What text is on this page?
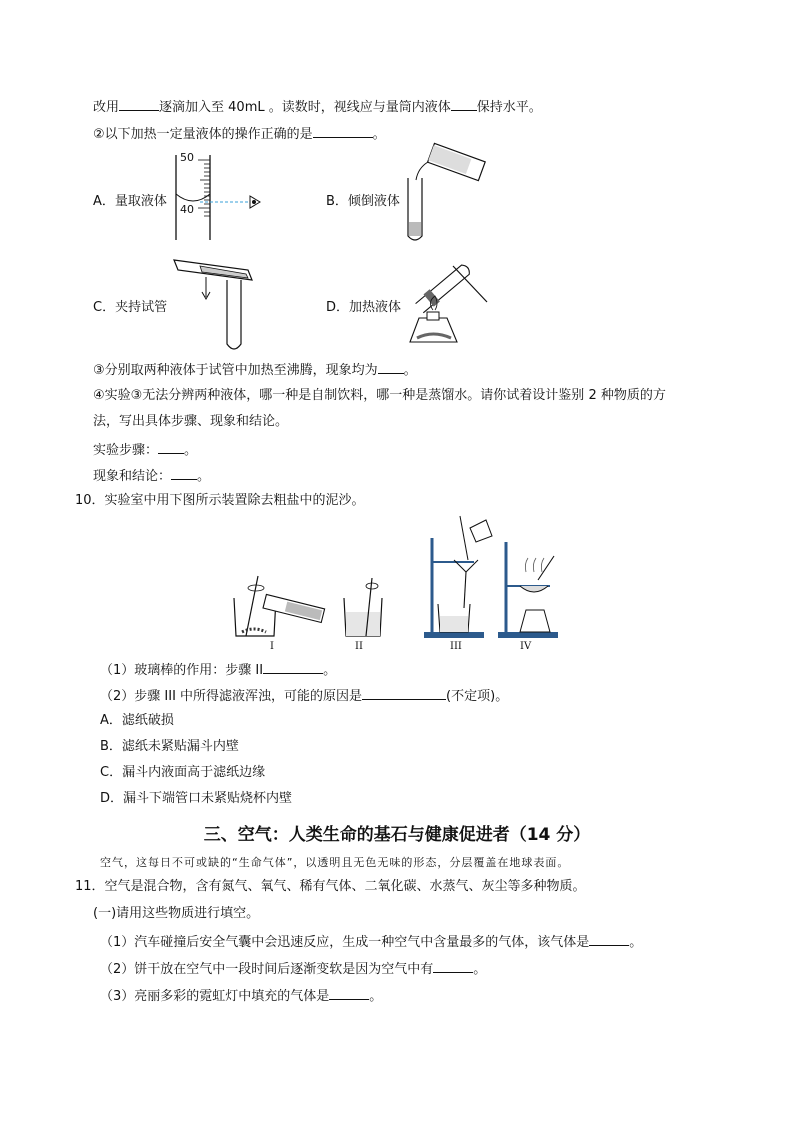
改用	逐滴加入至 40mL 。读数时，视线应与量筒内液体 保持水平。
②以下加热一定量液体的操作正确的是	。
A．量取液体	B．倾倒液体
C．夹持试管	D．加热液体
50
40
③分别取两种液体于试管中加热至沸腾，现象均为 。
④实验③无法分辨两种液体，哪一种是自制饮料，哪一种是蒸馏水。请你试着设计鉴别 2 种物质的方
法，写出具体步骤、现象和结论。
实验步骤： 。
现象和结论： 。
10．实验室中用下图所示装置除去粗盐中的泥沙。
I	II	III	IV
（1）玻璃棒的作用：步骤 II	。
（2）步骤 III 中所得滤液浑浊，可能的原因是	(不定项)。
A．滤纸破损
B．滤纸未紧贴漏斗内壁
C．漏斗内液面高于滤纸边缘
D．漏斗下端管口未紧贴烧杯内壁
三、空气：人类生命的基石与健康促进者（14 分）
空气，这每日不可或缺的“生命气体”，以透明且无色无味的形态，分层覆盖在地球表面。
11．空气是混合物，含有氮气、氧气、稀有气体、二氧化碳、水蒸气、灰尘等多种物质。
(一)请用这些物质进行填空。
（1）汽车碰撞后安全气囊中会迅速反应，生成一种空气中含量最多的气体，该气体是	。
（2）饼干放在空气中一段时间后逐渐变软是因为空气中有	。
（3）亮丽多彩的霓虹灯中填充的气体是	。
